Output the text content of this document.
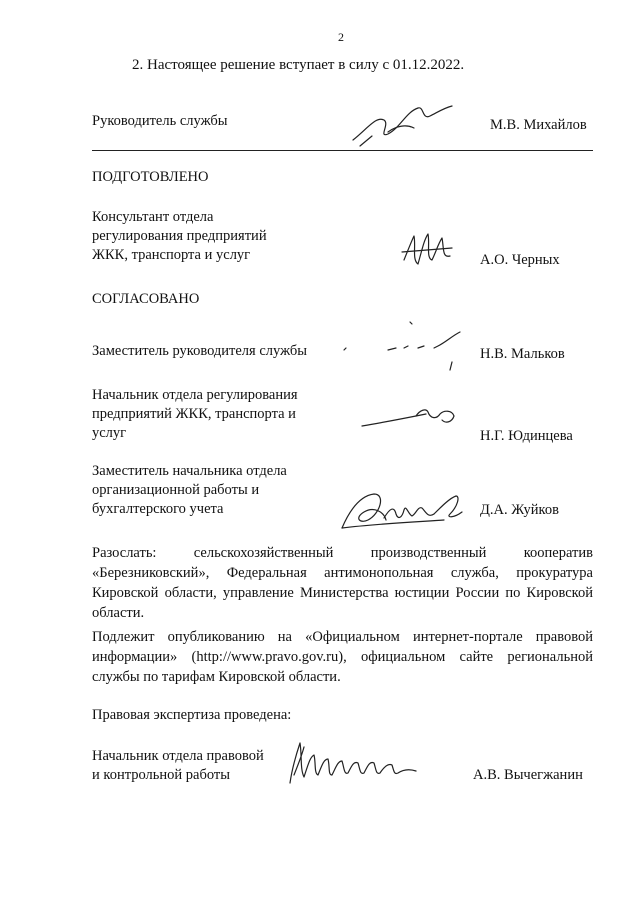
2
2. Настоящее решение вступает в силу с 01.12.2022.
Руководитель службы	М.В. Михайлов
ПОДГОТОВЛЕНО
Консультант отдела
регулирования предприятий
ЖКК, транспорта и услуг	А.О. Черных
СОГЛАСОВАНО
Заместитель руководителя службы	Н.В. Мальков
Начальник отдела регулирования
предприятий ЖКК, транспорта и
услуг	Н.Г. Юдинцева
Заместитель начальника отдела
организационной работы и
бухгалтерского учета	Д.А. Жуйков
Разослать: сельскохозяйственный производственный кооператив «Березниковский», Федеральная антимонопольная служба, прокуратура Кировской области, управление Министерства юстиции России по Кировской области.
Подлежит опубликованию на «Официальном интернет-портале правовой информации» (http://www.pravo.gov.ru), официальном сайте региональной службы по тарифам Кировской области.
Правовая экспертиза проведена:
Начальник отдела правовой
и контрольной работы	А.В. Вычегжанин
